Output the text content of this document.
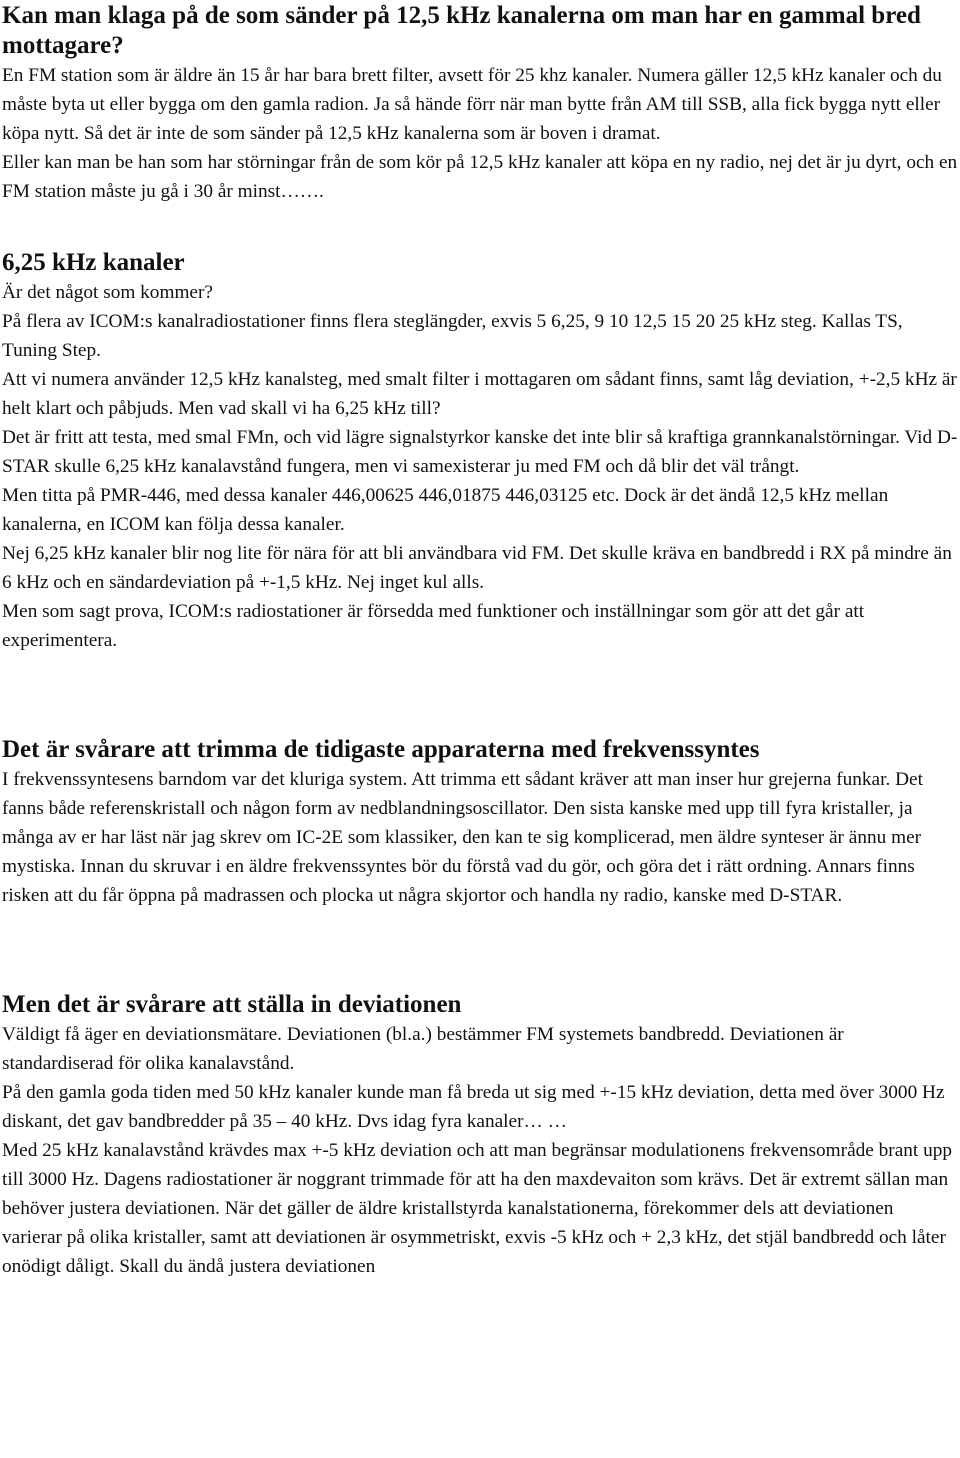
Kan man klaga på de som sänder på 12,5 kHz kanalerna om man har en gammal bred mottagare?

En FM station som är äldre än 15 år har bara brett filter, avsett för 25 khz kanaler. Numera gäller 12,5 kHz kanaler och du måste byta ut eller bygga om den gamla radion. Ja så hände förr när man bytte från AM till SSB, alla fick bygga nytt eller köpa nytt. Så det är inte de som sänder på 12,5 kHz kanalerna som är boven i dramat.

Eller kan man be han som har störningar från de som kör på 12,5 kHz kanaler att köpa en ny radio, nej det är ju dyrt, och en FM station måste ju gå i 30 år minst…….

6,25 kHz kanaler

Är det något som kommer?

På flera av ICOM:s kanalradiostationer finns flera steglängder, exvis 5 6,25, 9 10 12,5 15 20 25 kHz steg. Kallas TS, Tuning Step.

Att vi numera använder 12,5 kHz kanalsteg, med smalt filter i mottagaren om sådant finns, samt låg deviation, +-2,5 kHz är helt klart och påbjuds. Men vad skall vi ha 6,25 kHz till?

Det är fritt att testa, med smal FMn, och vid lägre signalstyrkor kanske det inte blir så kraftiga grannkanalstörningar. Vid D-STAR skulle 6,25 kHz kanalavstånd fungera, men vi samexisterar ju med FM och då blir det väl trångt.

Men titta på PMR-446, med dessa kanaler 446,00625 446,01875 446,03125 etc. Dock är det ändå 12,5 kHz mellan kanalerna, en ICOM kan följa dessa kanaler.

Nej 6,25 kHz kanaler blir nog lite för nära för att bli användbara vid FM. Det skulle kräva en bandbredd i RX på mindre än 6 kHz och en sändardeviation på +-1,5 kHz. Nej inget kul alls.

Men som sagt prova, ICOM:s radiostationer är försedda med funktioner och inställningar som gör att det går att experimentera.

Det är svårare att trimma de tidigaste apparaterna med frekvenssyntes

I frekvenssyntesens barndom var det kluriga system. Att trimma ett sådant kräver att man inser hur grejerna funkar. Det fanns både referenskristall och någon form av nedblandningsoscillator. Den sista kanske med upp till fyra kristaller, ja många av er har läst när jag skrev om IC-2E som klassiker, den kan te sig komplicerad, men äldre synteser är ännu mer mystiska. Innan du skruvar i en äldre frekvenssyntes bör du förstå vad du gör, och göra det i rätt ordning. Annars finns risken att du får öppna på madrassen och plocka ut några skjortor och handla ny radio, kanske med D-STAR.

Men det är svårare att ställa in deviationen

Väldigt få äger en deviationsmätare. Deviationen (bl.a.) bestämmer FM systemets bandbredd. Deviationen är standardiserad för olika kanalavstånd.

På den gamla goda tiden med 50 kHz kanaler kunde man få breda ut sig med +-15 kHz deviation, detta med över 3000 Hz diskant, det gav bandbredder på 35 – 40 kHz. Dvs idag fyra kanaler… …

Med 25 kHz kanalavstånd krävdes max +-5 kHz deviation och att man begränsar modulationens frekvensområde brant upp till 3000 Hz. Dagens radiostationer är noggrant trimmade för att ha den maxdevaiton som krävs. Det är extremt sällan man behöver justera deviationen. När det gäller de äldre kristallstyrda kanalstationerna, förekommer dels att deviationen varierar på olika kristaller, samt att deviationen är osymmetriskt, exvis -5 kHz och + 2,3 kHz, det stjäl bandbredd och låter onödigt dåligt. Skall du ändå justera deviationen
